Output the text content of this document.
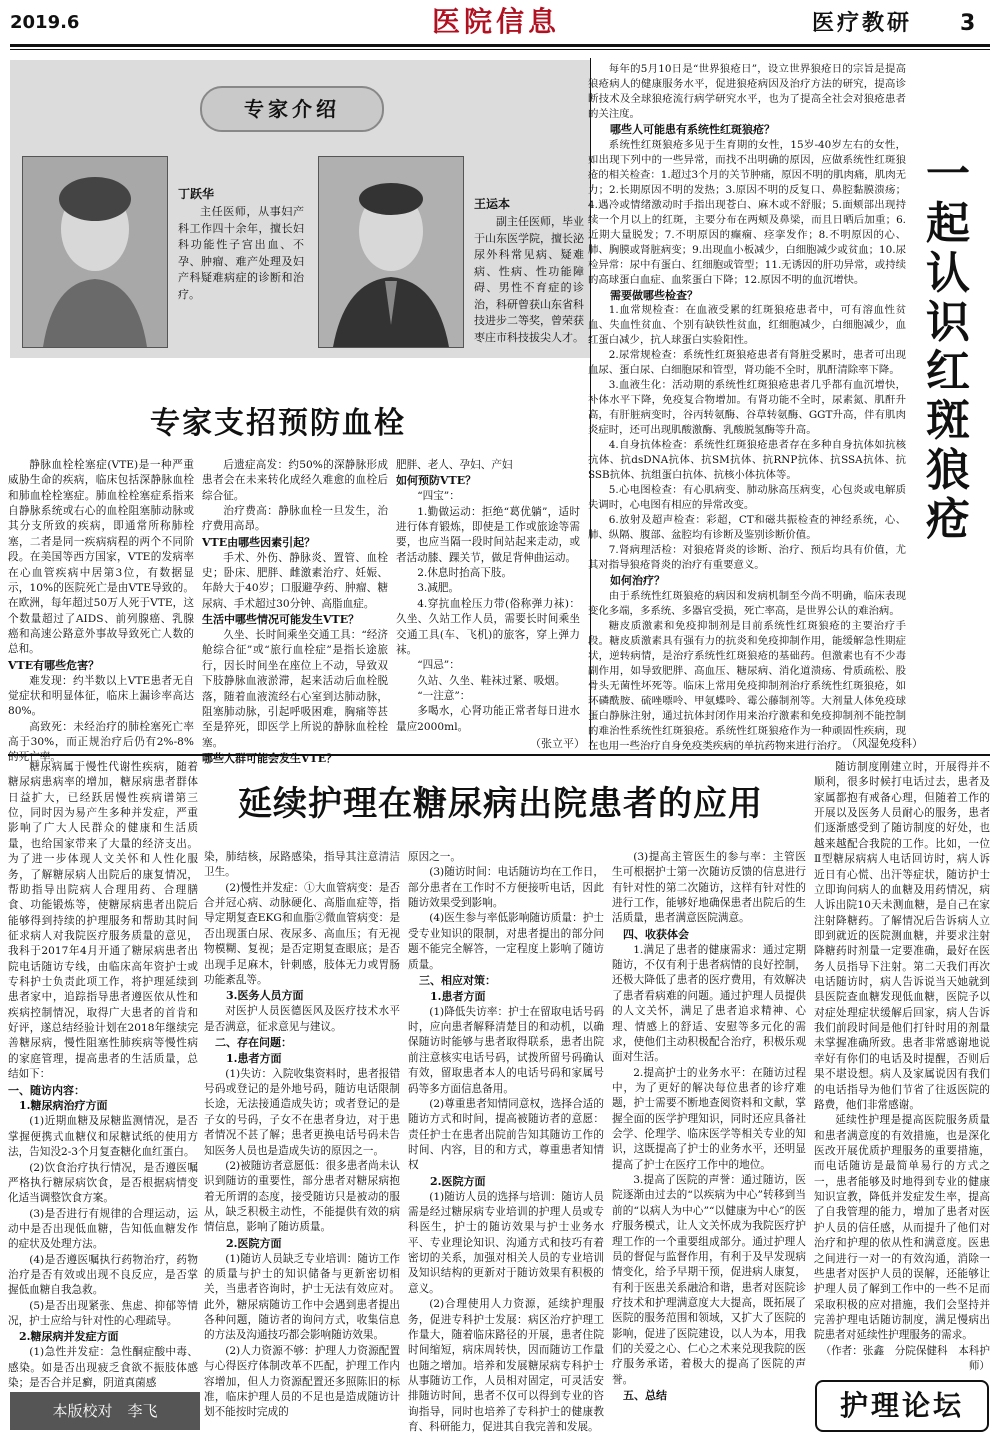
2019.6	医院信息	医疗教研 3
专家介绍
丁跃华
主任医师，从事妇产科工作四十余年，擅长妇科功能性子宫出血、不孕、肿瘤、难产处理及妇产科疑难病症的诊断和治疗。
王运本
副主任医师，毕业于山东医学院，擅长泌尿外科常见病、疑难病、性病、性功能障碍、男性不育症的诊治，科研曾获山东省科技进步二等奖，曾荣获枣庄市科技拔尖人才。
专家支招预防血栓

静脉血栓栓塞症(VTE)是一种严重威胁生命的疾病，临床包括深静脉血栓和肺血栓栓塞症。肺血栓栓塞症系指来自静脉系统或右心的血栓阻塞肺动脉或其分支所致的疾病，即通常所称肺栓塞，二者是同一疾病病程的两个不同阶段。在美国等西方国家，VTE的发病率在心血管疾病中居第3位，有数据显示，10%的医院死亡是由VTE导致的。在欧洲，每年超过50万人死于VTE，这个数量超过了AIDS、前列腺癌、乳腺癌和高速公路意外事故导致死亡人数的总和。

VTE有哪些危害？

难发现：约半数以上VTE患者无自觉症状和明显体征，临床上漏诊率高达80%。

高致死：未经治疗的肺栓塞死亡率高于30%，而正规治疗后仍有2%-8%的死亡率。

后遗症高发：约50%的深静脉形成患者会在未来转化成经久难愈的血栓后综合征。

治疗费高：静脉血栓一旦发生，治疗费用高昂。

VTE由哪些因素引起？

手术、外伤、静脉炎、置管、血栓史；卧床、肥胖、雌激素治疗、妊娠、年龄大于40岁；口服避孕药、肿瘤、糖尿病、手术超过30分钟、高脂血症。

生活中哪些情况可能发生VTE？

久坐、长时间乘坐交通工具：“经济舱综合征”或“旅行血栓症”是指长途旅行，因长时间坐在座位上不动，导致双下肢静脉血液淤滞，起来活动后血栓脱落，随着血液流经右心室到达肺动脉，阻塞肺动脉，引起呼吸困难，胸痛等甚至是猝死，即医学上所说的静脉血栓栓塞。

哪些人群可能会发生VTE？

肥胖、老人、孕妇、产妇

如何预防VTE？

“四宝”：

1.勤做运动：拒绝“葛优躺”，适时进行体育锻炼，即使是工作或旅途等需要，也应当隔一段时间站起来走动，或者活动膝、踝关节，做足背伸曲运动。

2.休息时抬高下肢。

3.减肥。

4.穿抗血栓压力带(俗称弹力袜)：久坐、久站工作人员，需要长时间乘坐交通工具(车、飞机)的旅客，穿上弹力袜。

“四忌”：

久站、久坐、鞋袜过紧、吸烟。

“一注意”：

多喝水，心肾功能正常者每日进水量应2000ml。

（张立平）

每年的5月10日是“世界狼疮日”，设立世界狼疮日的宗旨是提高狼疮病人的健康服务水平，促进狼疮病因及治疗方法的研究，提高诊断技术及全球狼疮流行病学研究水平，也为了提高全社会对狼疮患者的关注度。

哪些人可能患有系统性红斑狼疮？

系统性红斑狼疮多见于生育期的女性，15岁-40岁左右的女性，如出现下列中的一些异常，而找不出明确的原因，应做系统性红斑狼疮的相关检查：1.超过3个月的关节肿痛，原因不明的肌肉痛，肌肉无力；2.长期原因不明的发热；3.原因不明的反复口、鼻腔黏膜溃疡；4.遇冷或情绪激动时手指出现苍白、麻木或不舒服；5.面颊部出现持续一个月以上的红斑，主要分布在两颊及鼻梁，而且日晒后加重；6.近期大量脱发；7.不明原因的癫痫、痉挛发作；8.不明原因的心、肺、胸膜或肾脏病变；9.出现血小板减少，白细胞减少或贫血；10.尿检异常：尿中有蛋白、红细胞或管型；11.无诱因的肝功异常，或持续的高球蛋白血症、血浆蛋白下降；12.原因不明的血沉增快。

需要做哪些检查？

1.血常规检查：在血液受累的红斑狼疮患者中，可有溶血性贫血、失血性贫血、个别有缺铁性贫血，红细胞减少，白细胞减少，血红蛋白减少，抗人球蛋白实验阳性。

2.尿常规检查：系统性红斑狼疮患者有肾脏受累时，患者可出现血尿、蛋白尿、白细胞尿和管型，肾功能不全时，肌酐清除率下降。

3.血液生化：活动期的系统性红斑狼疮患者几乎都有血沉增快，补体水平下降，免疫复合物增加。有肾功能不全时，尿素氮、肌酐升高，有肝脏病变时，谷丙转氨酶、谷草转氨酶、GGT升高，伴有肌肉炎症时，还可出现肌酸激酶、乳酸脱氢酶等升高。

4.自身抗体检查：系统性红斑狼疮患者存在多种自身抗体如抗核抗体、抗dsDNA抗体、抗SM抗体、抗RNP抗体、抗SSA抗体、抗SSB抗体、抗组蛋白抗体、抗核小体抗体等。

5.心电图检查：有心肌病变、肺动脉高压病变，心包炎或电解质失调时，心电图有相应的异常改变。

6.放射及超声检查：彩超，CT和磁共振检查的神经系统，心、肺、纵隔、腹部、盆腔均有诊断及鉴别诊断价值。

7.肾病理活检：对狼疮肾炎的诊断、治疗、预后均具有价值，尤其对指导狼疮肾炎的治疗有重要意义。

如何治疗？

由于系统性红斑狼疮的病因和发病机制至今尚不明确，临床表现变化多端，多系统、多器官受损，死亡率高，是世界公认的难治病。

糖皮质激素和免疫抑制剂是目前系统性红斑狼疮的主要治疗手段。糖皮质激素具有强有力的抗炎和免疫抑制作用，能缓解急性期症状，逆转病情，是治疗系统性红斑狼疮的基础药。但激素也有不少毒副作用，如导致肥胖、高血压、糖尿病、消化道溃疡、骨质疏松、股骨头无菌性坏死等。临床上常用免疫抑制剂治疗系统性红斑狼疮，如环磷酰胺、硫唑嘌呤、甲氨蝶呤、霉公藤制剂等。大剂量人体免疫球蛋白静脉注射，通过抗体封闭作用来治疗激素和免疫抑制剂不能控制的难治性系统性红斑狼疮。系统性红斑狼疮作为一种顽固性疾病，现在也用一些治疗自身免疫类疾病的单抗药物来进行治疗。

（风湿免疫科）
一起认识红斑狼疮
延续护理在糖尿病出院患者的应用

糖尿病属于慢性代谢性疾病，随着糖尿病患病率的增加，糖尿病患者群体日益扩大，已经跃居慢性疾病谱第三位，同时因为易产生多种并发症，严重影响了广大人民群众的健康和生活质量，也给国家带来了大量的经济支出。为了进一步体现人文关怀和人性化服务，了解糖尿病人出院后的康复情况，帮助指导出院病人合理用药、合理膳食、功能锻炼等，使糖尿病患者出院后能够得到持续的护理服务和帮助其时间征求病人对我院医疗服务质量的意见，我科于2017年4月开通了糖尿病患者出院电话随访专线，由临床高年资护士或专科护士负责此项工作，将护理延续到患者家中，追踪指导患者遵医依从性和疾病控制情况，取得广大患者的首肯和好评，遂总结经验计划在2018年继续完善糖尿病，慢性阻塞性肺疾病等慢性病的家庭管理，提高患者的生活质量，总结如下：

一、随访内容：
1.糖尿病治疗方面

(1)近期血糖及尿糖监测情况，是否掌握便携式血糖仪和尿糖试纸的使用方法，告知没2-3个月复查糖化血红蛋白。

(2)饮食治疗执行情况，是否遵医嘱严格执行糖尿病饮食，是否根据病情变化适当调整饮食方案。

(3)是否进行有规律的合理运动，运动中是否出现低血糖，告知低血糖发作的症状及处理方法。

(4)是否遵医嘱执行药物治疗，药物治疗是否有效或出现不良反应，是否掌握低血糖自我急救。

(5)是否出现紧张、焦虑、抑郁等情况，护士应给与针对性的心理疏导。

2.糖尿病并发症方面

(1)急性并发症：急性酮症酸中毒、感染。如是否出现疲乏食欲不振肢体感染；是否合并足癣，阴道真菌感

染，肺结核，尿路感染，指导其注意清洁卫生。

(2)慢性并发症：①大血管病变：是否合并冠心病、动脉硬化、高脂血症等，指导定期复查EKG和血脂②微血管病变：是否出现蛋白尿、夜尿多、高血压；有无视物模糊、复视；是否定期复查眼底；是否出现手足麻木，针刺感，肢体无力或胃肠功能紊乱等。

3.医务人员方面

对医护人员医德医风及医疗技术水平是否满意，征求意见与建议。

二、存在问题：
1.患者方面

(1)失访：入院收集资料时，患者报错号码或登记的是外地号码，随访电话限制长途，无法接通造成失访；或者登记的是子女的号码，子女不在患者身边，对于患者情况不甚了解；患者更换电话号码未告知医务人员也是造成失访的原因之一。

(2)被随访者意愿低：很多患者尚未认识到随访的重要性，部分患者对糖尿病抱着无所谓的态度，接受随访只是被动的服从，缺乏积极主动性，不能提供有效的病情信息，影响了随访质量。

2.医院方面

(1)随访人员缺乏专业培训：随访工作的质量与护士的知识储备与更新密切相关，当患者咨询时，护士无法有效应对。此外，糖尿病随访工作中会遇到患者提出各种问题，随访者的询问方式，收集信息的方法及沟通技巧都会影响随访效果。

(2)人力资源不够：护理人力资源配置与心得医疗体制改革不匹配，护理工作内容增加，但人力资源配置还多照陈旧的标准，临床护理人员的不足也是造成随访计划不能按时完成的

原因之一。

(3)随访时间：电话随访均在工作日，部分患者在工作时不方便接听电话，因此随访效果受到影响。

(4)医生参与率低影响随访质量：护士受专业知识的限制，对患者提出的部分问题不能完全解答，一定程度上影响了随访质量。

三、相应对策：
1.患者方面

(1)降低失访率：护士在留取电话号码时，应向患者解释清楚目的和动机，以确保随访时能够与患者取得联系，患者出院前注意核实电话号码，试拨所留号码确认有效，留取患者本人的电话号码和家属号码等多方面信息备用。

(2)尊重患者知情同意权，选择合适的随访方式和时间，提高被随访者的意愿：责任护士在患者出院前告知其随访工作的时间、内容，目的和方式，尊重患者知情权

2.医院方面

(1)随访人员的选择与培训：随访人员需是经过糖尿病专业培训的护理人员或专科医生，护士的随访效果与护士业务水平、专业理论知识、沟通方式和技巧有着密切的关系，加强对相关人员的专业培训及知识结构的更新对于随访效果有积极的意义。

(2)合理使用人力资源，延续护理服务，促进专科护士发展：病区治疗护理工作量大，随着临床路径的开展，患者住院时间缩短，病床周转快，因而随访工作量也随之增加。培养和发展糖尿病专科护士从事随访工作，人员相对固定，可灵活安排随访时间，患者不仅可以得到专业的咨询指导，同时也培养了专科护士的健康教育、科研能力，促进其自我完善和发展。

(3)提高主管医生的参与率：主管医生可根据护士第一次随访反馈的信息进行有针对性的第二次随访，这样有针对性的进行工作，能够好地确保患者出院后的生活质量，患者满意医院满意。

四、收获体会

1.满足了患者的健康需求：通过定期随访，不仅有利于患者病情的良好控制，还极大降低了患者的医疗费用，有效解决了患者看病难的问题。通过护理人员提供的人文关怀，满足了患者追求精神、心理、情感上的舒适、安慰等多元化的需求，使他们主动积极配合治疗，积极乐观面对生活。

2.提高护士的业务水平：在随访过程中，为了更好的解决每位患者的诊疗难题，护士需要不断地查阅资料和文献，掌握全面的医学护理知识，同时还应具备社会学、伦理学、临床医学等相关专业的知识，这既提高了护士的业务水平，还明显提高了护士在医疗工作中的地位。

3.提高了医院的声誉：通过随访，医院逐渐由过去的“以疾病为中心”转移到当前的“以病人为中心”“以健康为中心”的医疗服务模式，让人文关怀成为我院医疗护理工作的一个重要组成部分。通过护理人员的督促与监督作用，有利于及早发现病情变化，给予早期干预，促进病人康复，有利于医患关系融洽和谐，患者对医院诊疗技术和护理满意度大大提高，既拓展了医院的服务范围和领域，又扩大了医院的影响，促进了医院建设，以人为本，用我们的关爱之心、仁心之术来兑现我院的医疗服务承诺，着极大的提高了医院的声誉。

五、总结

随访制度刚建立时，开展得并不顺利，很多时候打电话过去，患者及家属都抱有戒备心理，但随着工作的开展以及医务人员耐心的服务，患者们逐渐感受到了随访制度的好处，也越来越配合我院的工作。比如，一位Ⅱ型糖尿病病人电话回访时，病人诉近日有心慌、出汗等症状，随访护士立即询问病人的血糖及用药情况，病人诉出院10天未测血糖，是自己在家注射降糖药。了解情况后告诉病人立即到就近的医院测血糖，并要求注射降糖药时剂量一定要准确，最好在医务人员指导下注射。第二天我们再次电话随访时，病人告诉说当天她就到县医院查血糖发现低血糖，医院予以对症处理症状缓解后回家，病人告诉我们前段时间是他们打针时用的剂量未掌握准确所致。患者非常感谢地说幸好有你们的电话及时提醒，否则后果不堪设想。病人及家属说因有我们的电话指导为他们节省了往返医院的路费，他们非常感谢。

延续性护理是提高医院服务质量和患者满意度的有效措施，也是深化医改开展优质护理服务的重要措施，而电话随访是最简单易行的方式之一，患者能够及时地得到专业的健康知识宣教，降低并发症发生率，提高了自我管理的能力，增加了患者对医护人员的信任感，从而提升了他们对治疗和护理的依从性和满意度。医患之间进行一对一的有效沟通，消除一些患者对医护人员的误解，还能够让护理人员了解到工作中的一些不足而采取积极的应对措施，我们会坚持并完善护理电话随访制度，满足慢病出院患者对延续性护理服务的需求。

（作者：张鑫　分院保健科　本科护师）

本版校对　李飞	护理论坛
